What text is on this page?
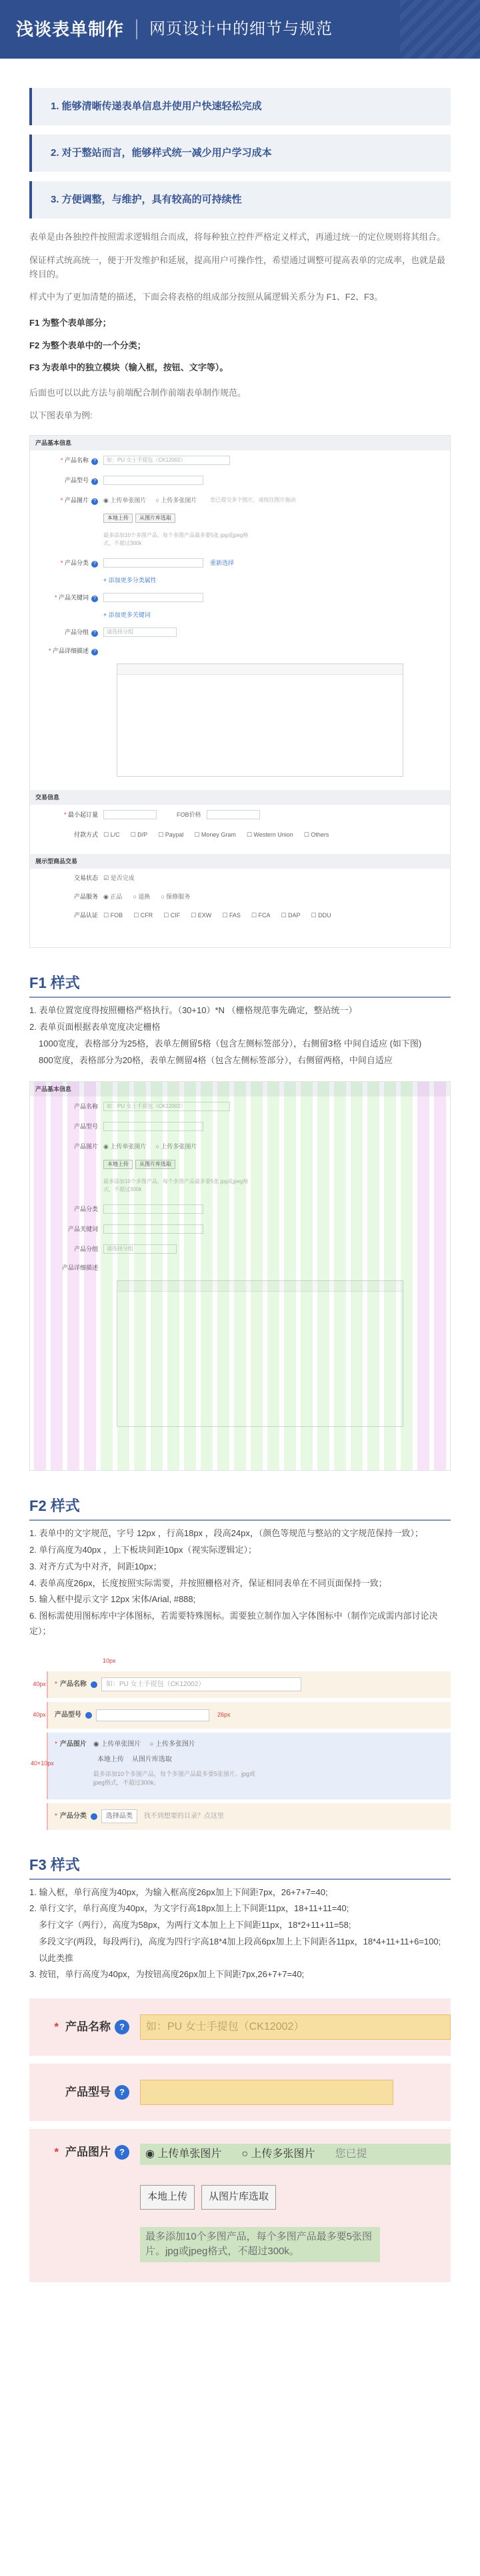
浅谈表单制作 网页设计中的细节与规范
1. 能够清晰传递表单信息并使用户快速轻松完成
2. 对于整站而言，能够样式统一减少用户学习成本
3. 方便调整，与维护，具有较高的可持续性

表单是由各独控件按照需求逻辑组合而成，将每种独立控件严格定义样式，再通过统一的定位规则将其组合。

保证样式统高统一，便于开发维护和延展，提高用户可操作性，希望通过调整可提高表单的完成率，也就是最终目的。

样式中为了更加清楚的描述，下面会将表格的组成部分按照从属逻辑关系分为 F1、F2、F3。

F1 为整个表单部分；

F2 为整个表单中的一个分类；

F3 为表单中的独立模块（输入框，按钮、文字等）。

后面也可以以此方法与前端配合制作前端表单制作规范。

以下图表单为例:

产品基本信息
* 产品名称 ?	如：PU 女士手提包（CK12002）
产品型号 ?
* 产品图片 ?	◉ 上传单张图片 ○ 上传多张图片	您已提交多个图片，请按住图片拖动
本地上传 从图片库选取
最多添加10个多图产品，每个多图产品最多要5张 jpg或jpeg格式，不超过300k
* 产品分类 ?	重新选择
+ 添加更多分类属性
* 产品关键词 ?
+ 添加更多关键词
产品分组 ?	请选择分组
* 产品详细描述 ?
交易信息
* 最小起订量	FOB价格
付款方式 ☐ L/C ☐ D/P ☐ Paypal ☐ Money Gram ☐ Western Union ☐ Others
展示型商品交易
交易状态 ☑ 是否完成
产品服务 ◉ 正品 ○ 退换 ○ 保修服务
产品认证 ☐ FOB ☐ CFR ☐ CIF ☐ EXW ☐ FAS ☐ FCA ☐ DAP ☐ DDU
F1 样式
1. 表单位置宽度得按照栅格严格执行。（30+10）*N （栅格规范事先确定，整站统一）
2. 表单页面根据表单宽度决定栅格
1000宽度，表格部分为25格，表单左侧留5格（包含左侧标签部分），右侧留3格 中间自适应 (如下图)
800宽度，表格部分为20格，表单左侧留4格（包含左侧标签部分），右侧留两格，中间自适应
产品基本信息
产品名称	如：PU 女士手提包（CK12002）
产品型号
产品图片 ◉ 上传单张图片 ○ 上传多张图片
本地上传 从图片库选取
最多添加10个多图产品，每个多图产品最多要5张 jpg或jpeg格式，不超过300k
产品分类
产品关键词
产品分组	请选择分组
产品详细描述
F2 样式
1. 表单中的文字规范，字号 12px ，行高18px ，段高24px，（颜色等规范与整站的文字规范保持一致）；
2. 单行高度为40px ，上下板块间距10px（视实际逻辑定）；
3. 对齐方式为中对齐，间距10px；
4. 表单高度26px，长度按照实际需要，并按照栅格对齐，保证相同表单在不同页面保持一致；
5. 输入框中提示文字 12px 宋体/Arial, #888;
6. 图标需使用图标库中字体图标，若需要特殊图标。需要独立制作加入字体图标中（制作完成需内部讨论决定）；
10px
40px	* 产品名称	如：PU 女士手提包（CK12002）
40px	产品型号	26px
40+10px
* 产品图片 ◉ 上传单张图片 ○ 上传多张图片
本地上传 从图片库选取
最多添加10个多图产品，每个多图产品最多要5张图片。jpg或jpeg格式，不超过300k。
* 产品分类	选择品类	找不到想要的目录？点这里
F3 样式
1. 输入框，单行高度为40px，为输入框高度26px加上下间距7px，26+7+7=40;
2. 单行文字，单行高度为40px，为文字行高18px加上上下间距11px，18+11+11=40;
多行文字（两行），高度为58px，为两行文本加上上下间距11px，18*2+11+11=58;
多段文字(两段，每段两行)，高度为四行字高18*4加上段高6px加上上下间距各11px，18*4+11+11+6=100;
以此类推
3. 按钮，单行高度为40px，为按钮高度26px加上下间距7px,26+7+7=40;
* 产品名称	?	如：PU 女士手提包（CK12002）
产品型号	?
* 产品图片	?	◉ 上传单张图片 ○ 上传多张图片 您已提
本地上传 从图片库选取
最多添加10个多图产品，每个多图产品最多要5张图片。jpg或jpeg格式，不超过300k。
